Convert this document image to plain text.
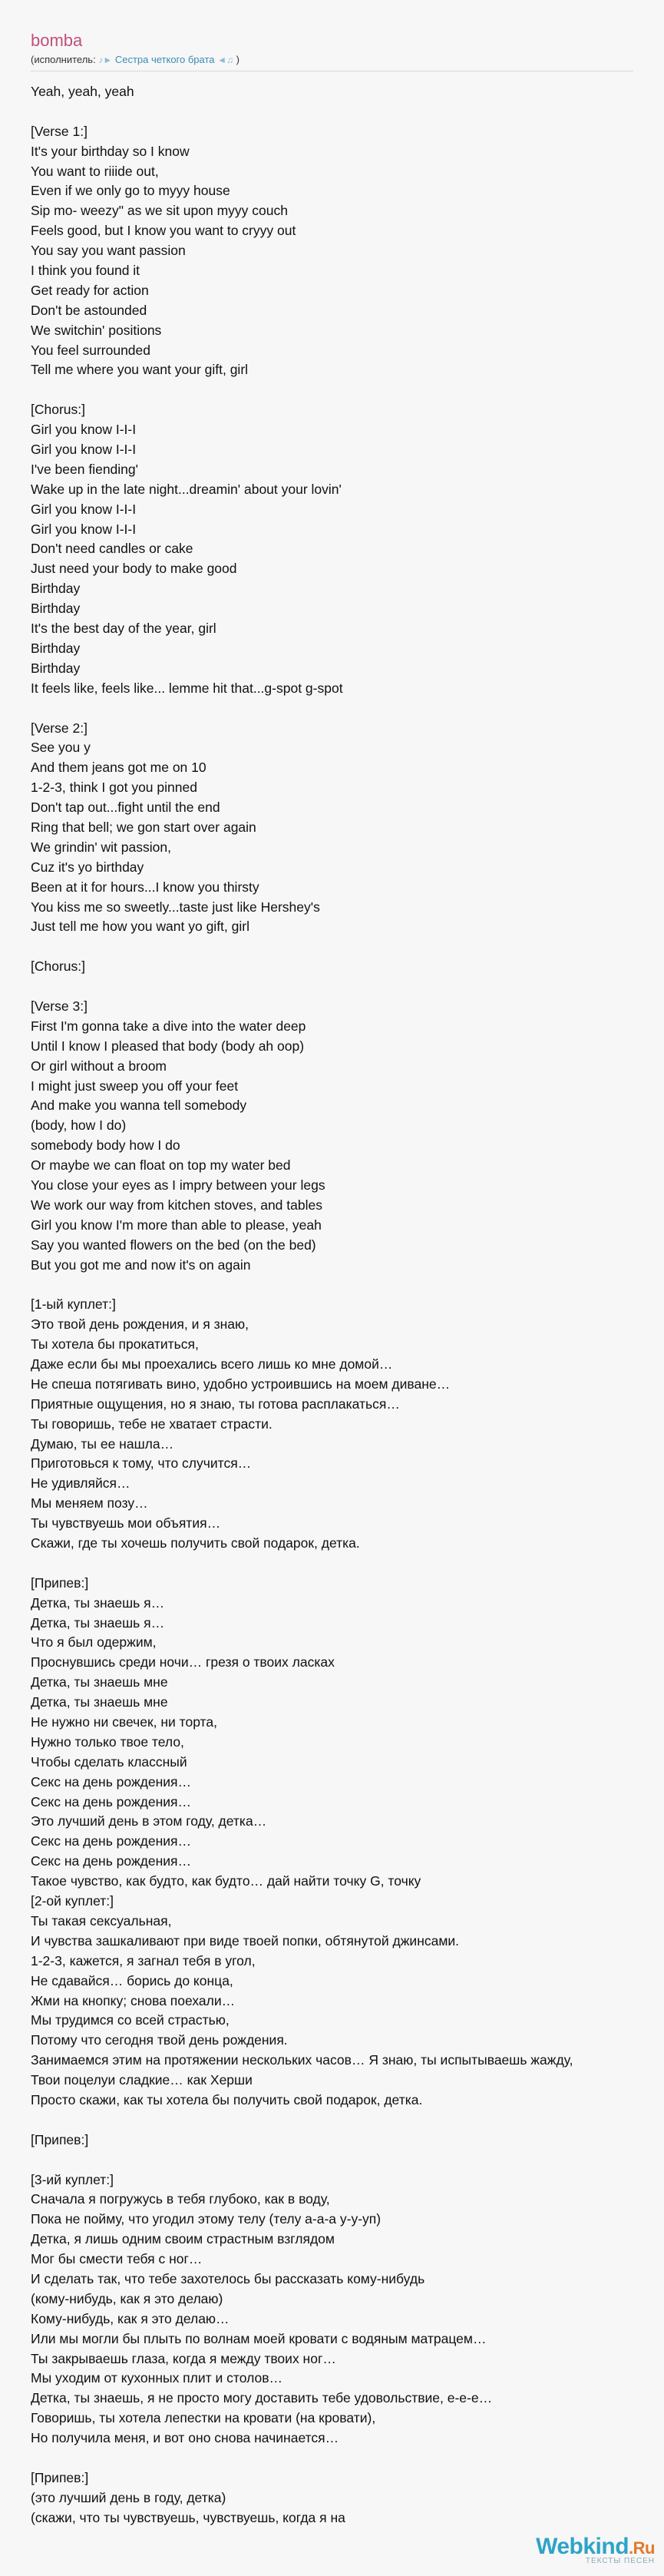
bomba
(исполнитель: ♪► Сестра четкого брата ◄♫ )
Yeah, yeah, yeah
[Verse 1:]
It's your birthday so I know
You want to riiide out,
Even if we only go to myyy house
Sip mo- weezy" as we sit upon myyy couch
Feels good, but I know you want to cryyy out
You say you want passion
I think you found it
Get ready for action
Don't be astounded
We switchin' positions
You feel surrounded
Tell me where you want your gift, girl
[Chorus:]
Girl you know I-I-I
Girl you know I-I-I
I've been fiending'
Wake up in the late night...dreamin' about your lovin'
Girl you know I-I-I
Girl you know I-I-I
Don't need candles or cake
Just need your body to make good
Birthday
Birthday
It's the best day of the year, girl
Birthday
Birthday
It feels like, feels like... lemme hit that...g-spot g-spot
[Verse 2:]
See you y
And them jeans got me on 10
1-2-3, think I got you pinned
Don't tap out...fight until the end
Ring that bell; we gon start over again
We grindin' wit passion,
Cuz it's yo birthday
Been at it for hours...I know you thirsty
You kiss me so sweetly...taste just like Hershey's
Just tell me how you want yo gift, girl
[Chorus:]
[Verse 3:]
First I'm gonna take a dive into the water deep
Until I know I pleased that body (body ah oop)
Or girl without a broom
I might just sweep you off your feet
And make you wanna tell somebody
(body, how I do)
somebody body how I do
Or maybe we can float on top my water bed
You close your eyes as I impry between your legs
We work our way from kitchen stoves, and tables
Girl you know I'm more than able to please, yeah
Say you wanted flowers on the bed (on the bed)
But you got me and now it's on again
[1-ый куплет:]
Это твой день рождения, и я знаю,
Ты хотела бы прокатиться,
Даже если бы мы проехались всего лишь ко мне домой…
Не спеша потягивать вино, удобно устроившись на моем диване…
Приятные ощущения, но я знаю, ты готова расплакаться…
Ты говоришь, тебе не хватает страсти.
Думаю, ты ее нашла…
Приготовься к тому, что случится…
Не удивляйся…
Мы меняем позу…
Ты чувствуешь мои объятия…
Скажи, где ты хочешь получить свой подарок, детка.
[Припев:]
Детка, ты знаешь я…
Детка, ты знаешь я…
Что я был одержим,
Проснувшись среди ночи… грезя о твоих ласках
Детка, ты знаешь мне
Детка, ты знаешь мне
Не нужно ни свечек, ни торта,
Нужно только твое тело,
Чтобы сделать классный
Секс на день рождения…
Секс на день рождения…
Это лучший день в этом году, детка…
Секс на день рождения…
Секс на день рождения…
Такое чувство, как будто, как будто… дай найти точку G, точку
[2-ой куплет:]
Ты такая сексуальная,
И чувства зашкаливают при виде твоей попки, обтянутой джинсами.
1-2-3, кажется, я загнал тебя в угол,
Не сдавайся… борись до конца,
Жми на кнопку; снова поехали…
Мы трудимся со всей страстью,
Потому что сегодня твой день рождения.
Занимаемся этим на протяжении нескольких часов… Я знаю, ты испытываешь жажду,
Твои поцелуи сладкие… как Херши
Просто скажи, как ты хотела бы получить свой подарок, детка.
[Припев:]
[3-ий куплет:]
Сначала я погружусь в тебя глубоко, как в воду,
Пока не пойму, что угодил этому телу (телу а-а-а у-у-уп)
Детка, я лишь одним своим страстным взглядом
Мог бы смести тебя с ног…
И сделать так, что тебе захотелось бы рассказать кому-нибудь
(кому-нибудь, как я это делаю)
Кому-нибудь, как я это делаю…
Или мы могли бы плыть по волнам моей кровати с водяным матрацем…
Ты закрываешь глаза, когда я между твоих ног…
Мы уходим от кухонных плит и столов…
Детка, ты знаешь, я не просто могу доставить тебе удовольствие, е-е-е…
Говоришь, ты хотела лепестки на кровати (на кровати),
Но получила меня, и вот оно снова начинается…
[Припев:]
(это лучший день в году, детка)
(скажи, что ты чувствуешь, чувствуешь, когда я на
Webkind.Ru
ТЕКСТЫ ПЕСЕН
